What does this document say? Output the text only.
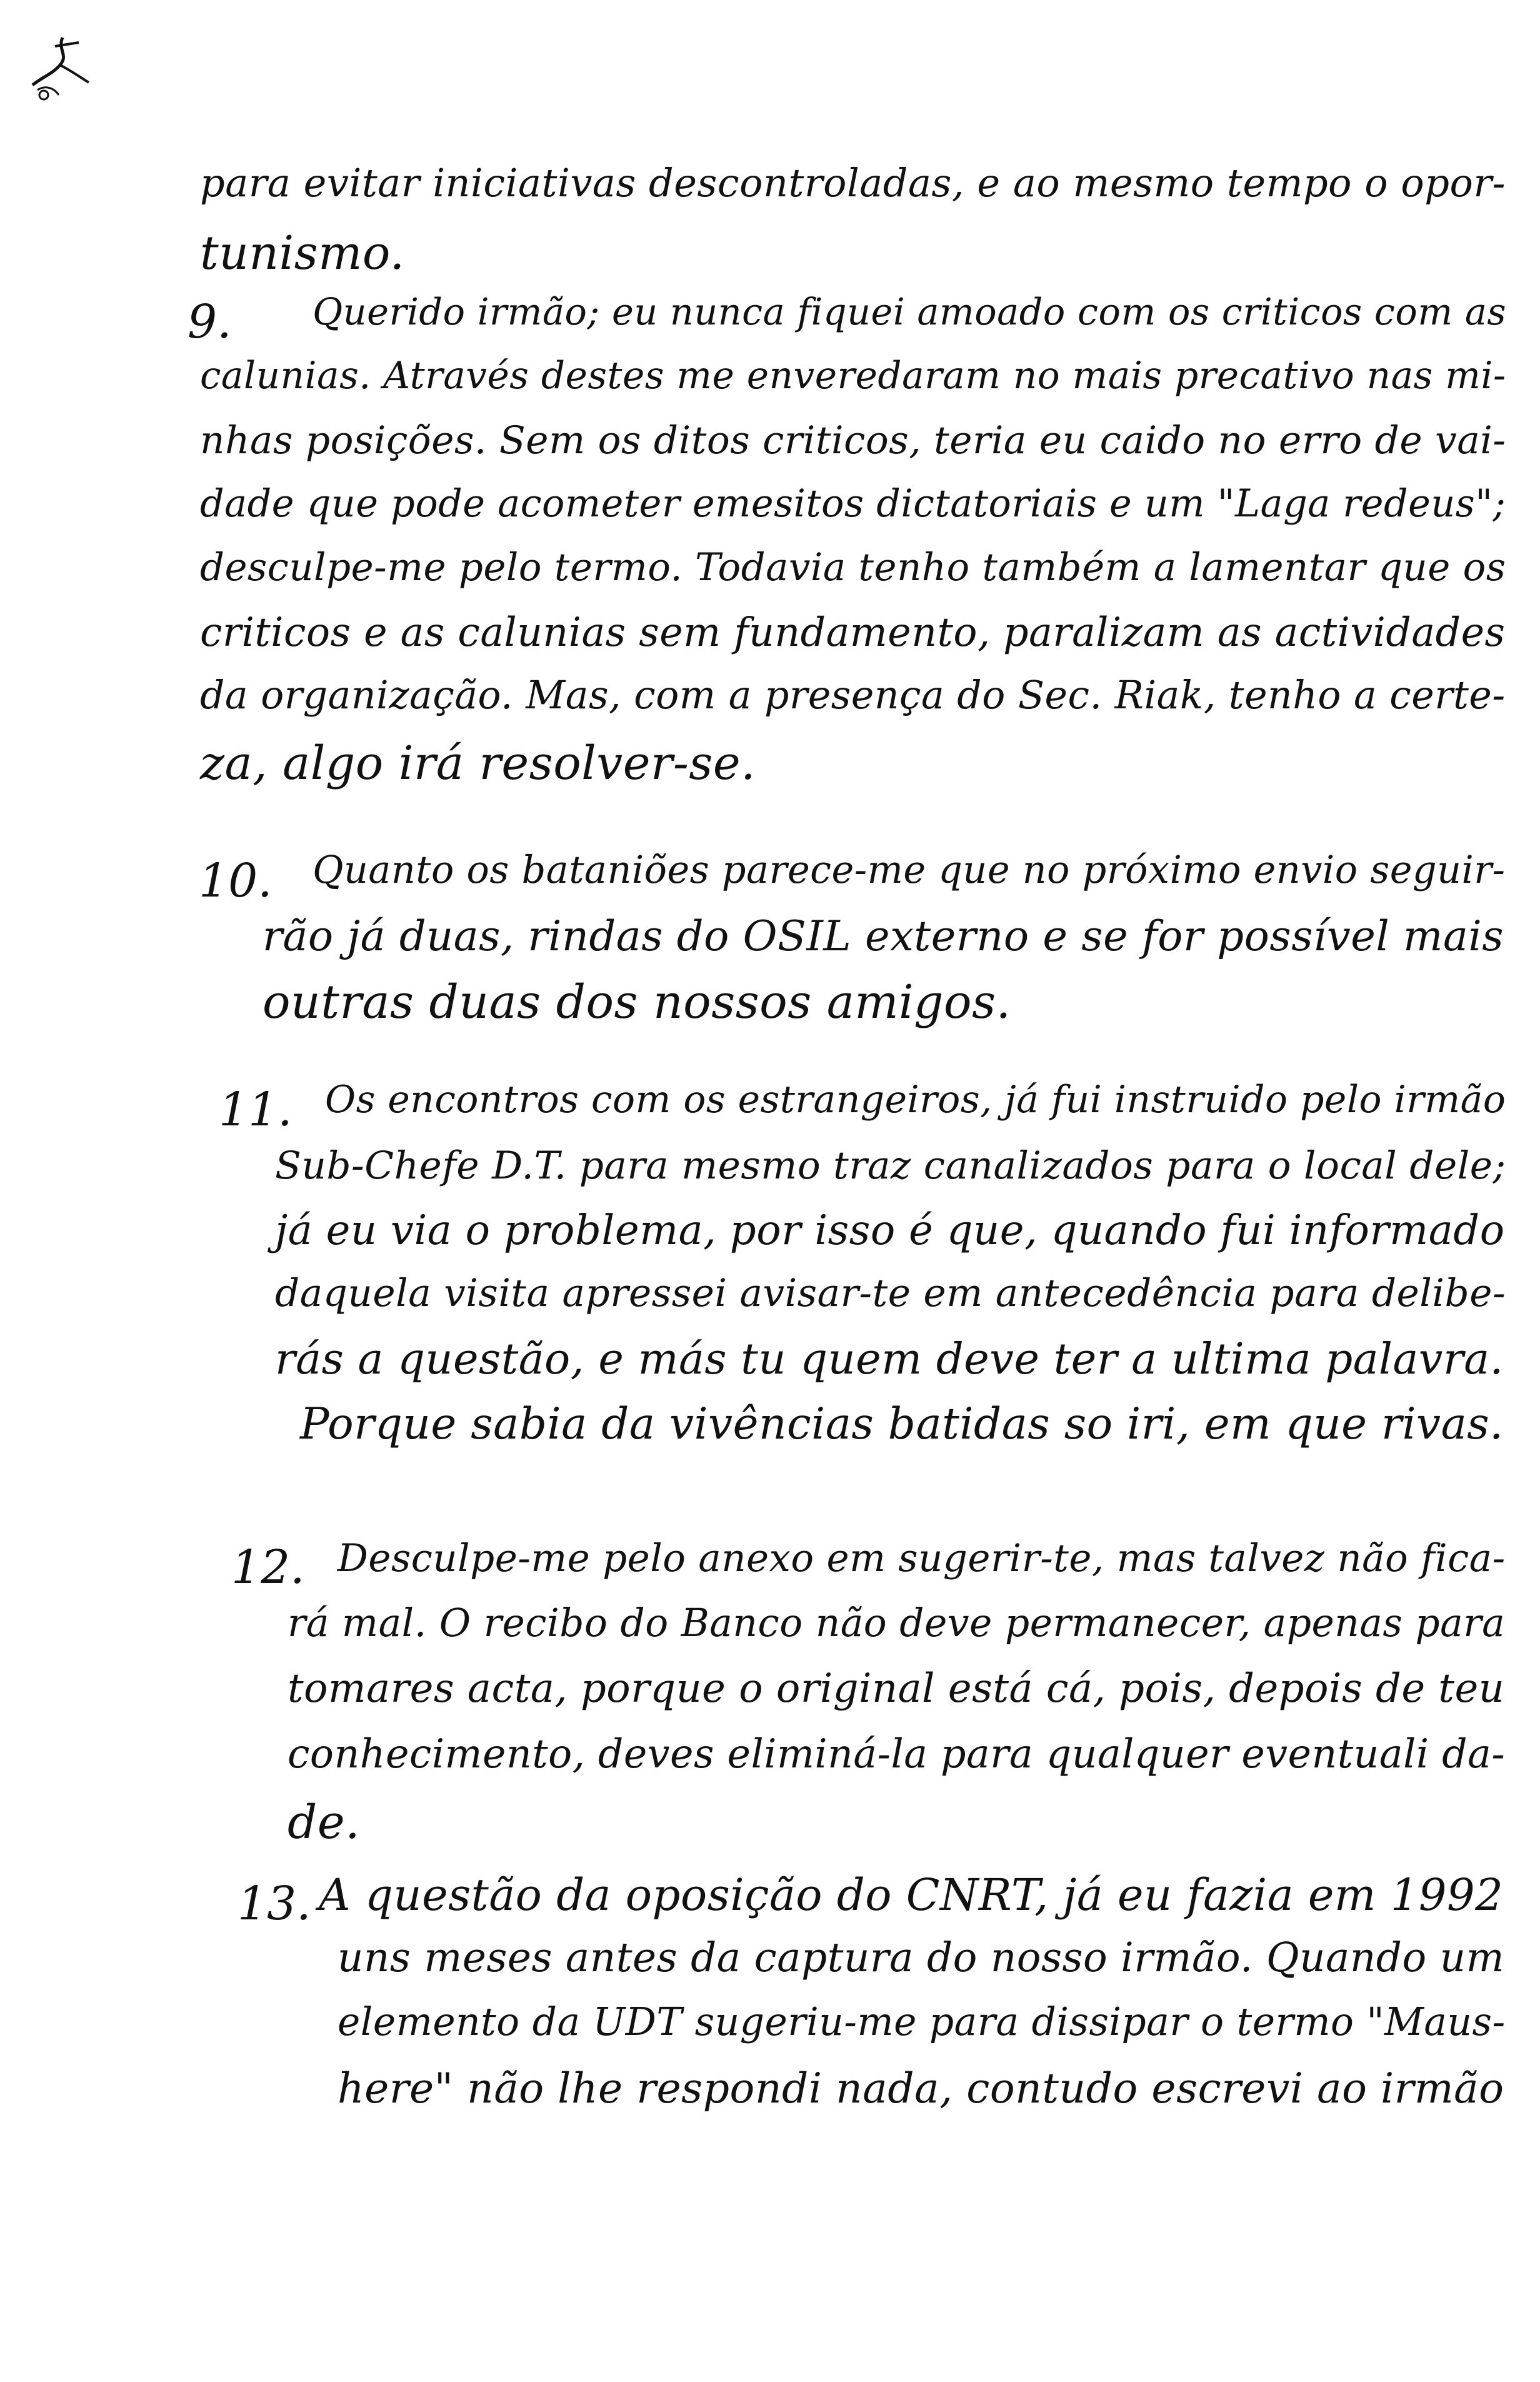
para evitar iniciativas descontroladas, e ao mesmo tempo o opor-
tunismo.
9. Querido irmão; eu nunca fiquei amoado com os criticos com as
calunias. Através destes me enveredaram no mais precativo nas mi-
nhas posições. Sem os ditos criticos, teria eu caido no erro de vai-
dade que pode acometer emesitos dictatoriais e um "Laga redeus";
desculpe-me pelo termo. Todavia tenho também a lamentar que os
criticos e as calunias sem fundamento, paralizam as actividades
da organização. Mas, com a presença do Sec. Riak, tenho a certe-
za, algo irá resolver-se.
10. Quanto os bataniões parece-me que no próximo envio seguir-
rão já duas, rindas do OSIL externo e se for possível mais
outras duas dos nossos amigos.
11. Os encontros com os estrangeiros, já fui instruido pelo irmão
Sub-Chefe D.T. para mesmo traz canalizados para o local dele;
já eu via o problema, por isso é que, quando fui informado
daquela visita apressei avisar-te em antecedência para delibe-
rás a questão, e más tu quem deve ter a ultima palavra.
Porque sabia da vivências batidas so iri, em que rivas.
12. Desculpe-me pelo anexo em sugerir-te, mas talvez não fica-
rá mal. O recibo do Banco não deve permanecer, apenas para
tomares acta, porque o original está cá, pois, depois de teu
conhecimento, deves eliminá-la para qualquer eventuali da-
de.
13. A questão da oposição do CNRT, já eu fazia em 1992
uns meses antes da captura do nosso irmão. Quando um
elemento da UDT sugeriu-me para dissipar o termo "Maus-
here" não lhe respondi nada, contudo escrevi ao irmão
